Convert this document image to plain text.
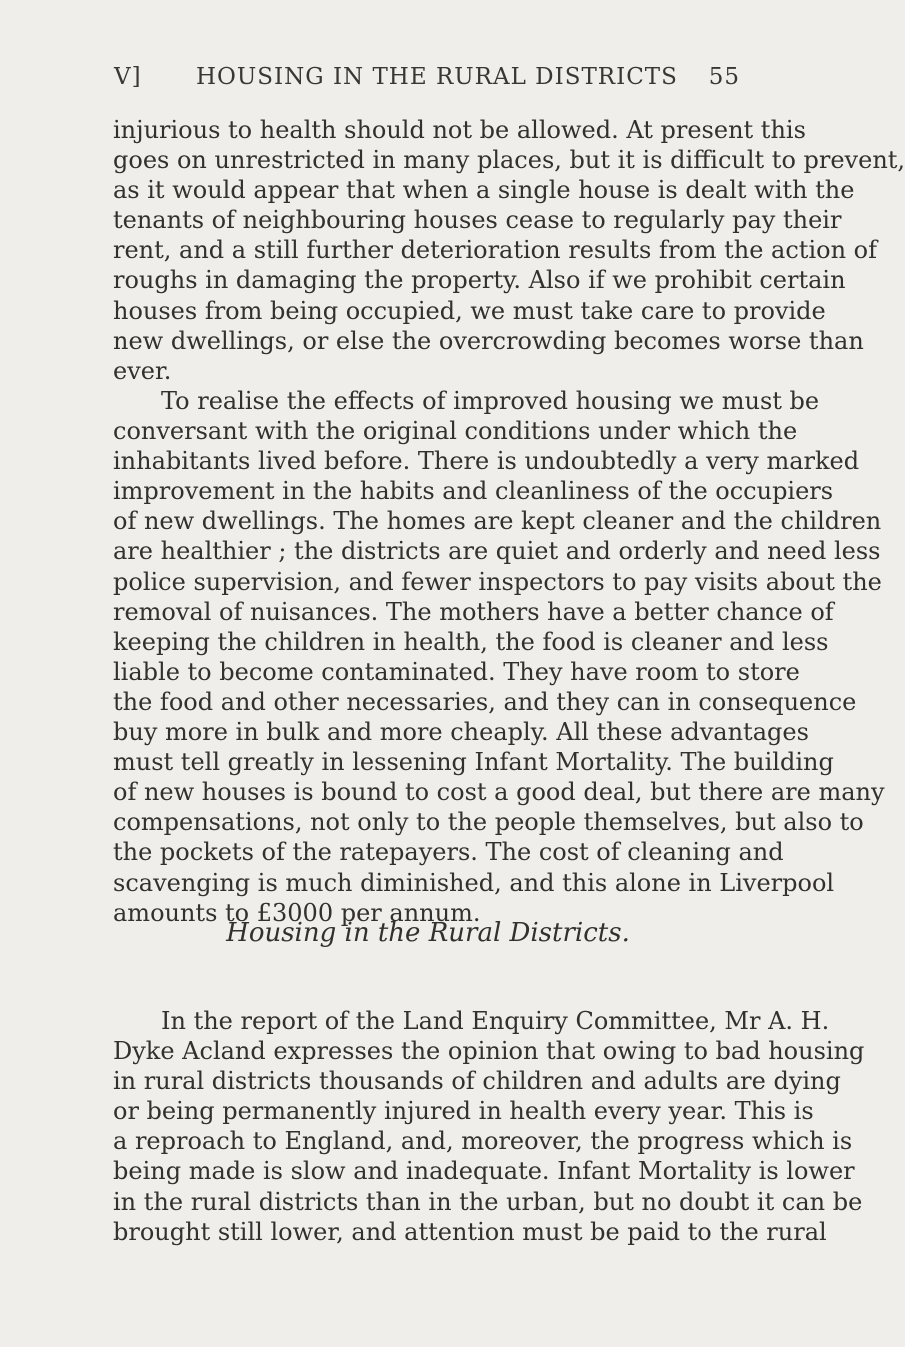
V] HOUSING IN THE RURAL DISTRICTS 55
injurious to health should not be allowed. At present this
goes on unrestricted in many places, but it is difficult to prevent,
as it would appear that when a single house is dealt with the
tenants of neighbouring houses cease to regularly pay their
rent, and a still further deterioration results from the action of
roughs in damaging the property. Also if we prohibit certain
houses from being occupied, we must take care to provide
new dwellings, or else the overcrowding becomes worse than
ever.
To realise the effects of improved housing we must be
conversant with the original conditions under which the
inhabitants lived before. There is undoubtedly a very marked
improvement in the habits and cleanliness of the occupiers
of new dwellings. The homes are kept cleaner and the children
are healthier ; the districts are quiet and orderly and need less
police supervision, and fewer inspectors to pay visits about the
removal of nuisances. The mothers have a better chance of
keeping the children in health, the food is cleaner and less
liable to become contaminated. They have room to store
the food and other necessaries, and they can in consequence
buy more in bulk and more cheaply. All these advantages
must tell greatly in lessening Infant Mortality. The building
of new houses is bound to cost a good deal, but there are many
compensations, not only to the people themselves, but also to
the pockets of the ratepayers. The cost of cleaning and
scavenging is much diminished, and this alone in Liverpool
amounts to £3000 per annum.
Housing in the Rural Districts.
In the report of the Land Enquiry Committee, Mr A. H.
Dyke Acland expresses the opinion that owing to bad housing
in rural districts thousands of children and adults are dying
or being permanently injured in health every year. This is
a reproach to England, and, moreover, the progress which is
being made is slow and inadequate. Infant Mortality is lower
in the rural districts than in the urban, but no doubt it can be
brought still lower, and attention must be paid to the rural
